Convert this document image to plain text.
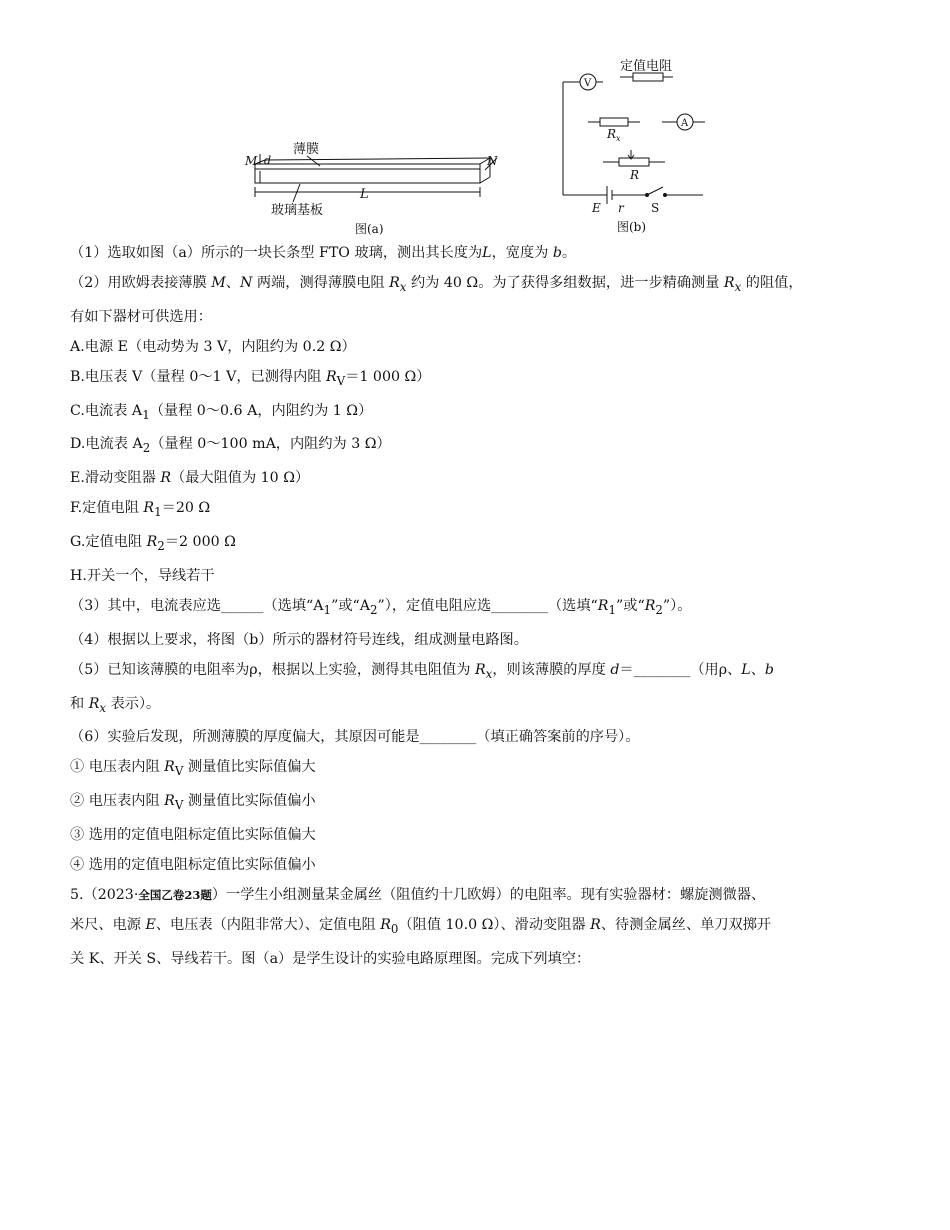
薄膜
M d	N
L
玻璃基板
图(a)
V
定值电阻
A
$R_x$
R
E r S
图(b)
（1）选取如图（a）所示的一块长条型 FTO 玻璃，测出其长度为L，宽度为 b。
（2）用欧姆表接薄膜 M、N 两端，测得薄膜电阻 $R_x$ 约为 40 Ω。为了获得多组数据，进一步精确测量 $R_x$ 的阻值，
有如下器材可供选用：
A.电源 E（电动势为 3 V，内阻约为 0.2 Ω）
B.电压表 V（量程 0～1 V，已测得内阻 $R_V=1$ 000 Ω）
C.电流表 $A_1$（量程 0～0.6 A，内阻约为 1 Ω）
D.电流表 $A_2$（量程 0～100 mA，内阻约为 3 Ω）
E.滑动变阻器 R（最大阻值为 10 Ω）
F.定值电阻 $R_1=20$ Ω
G.定值电阻 $R_2=2$ 000 Ω
H.开关一个，导线若干
（3）其中，电流表应选______（选填“$A_1$”或“$A_2$”），定值电阻应选________（选填“$R_1$”或“$R_2$”）。
（4）根据以上要求，将图（b）所示的器材符号连线，组成测量电路图。
（5）已知该薄膜的电阻率为ρ，根据以上实验，测得其电阻值为 $R_x$，则该薄膜的厚度 d＝________（用ρ、L、b
和 $R_x$ 表示）。
（6）实验后发现，所测薄膜的厚度偏大，其原因可能是________（填正确答案前的序号）。
① 电压表内阻 $R_V$ 测量值比实际值偏大
② 电压表内阻 $R_V$ 测量值比实际值偏小
③ 选用的定值电阻标定值比实际值偏大
④ 选用的定值电阻标定值比实际值偏小
5.（2023·全国乙卷23题）一学生小组测量某金属丝（阻值约十几欧姆）的电阻率。现有实验器材：螺旋测微器、
米尺、电源 E、电压表（内阻非常大）、定值电阻 $R_0$（阻值 10.0 Ω）、滑动变阻器 R、待测金属丝、单刀双掷开
关 K、开关 S、导线若干。图（a）是学生设计的实验电路原理图。完成下列填空：
